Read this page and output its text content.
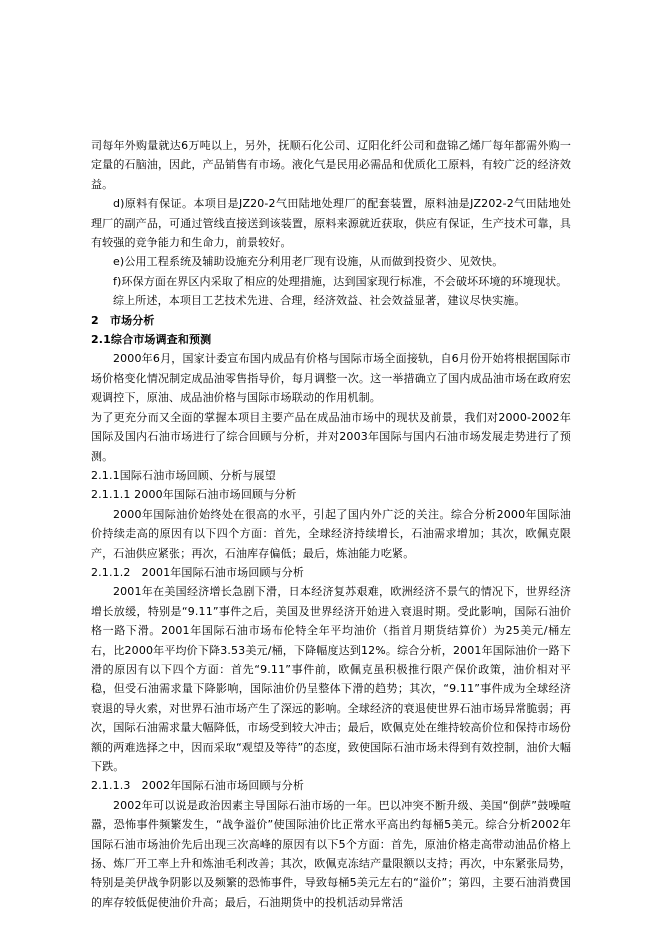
司每年外购量就达6万吨以上，另外，抚顺石化公司、辽阳化纤公司和盘锦乙烯厂每年都需外购一定量的石脑油，因此，产品销售有市场。液化气是民用必需品和优质化工原料，有较广泛的经济效益。

d)原料有保证。本项目是JZ20-2气田陆地处理厂的配套装置，原料油是JZ202-2气田陆地处理厂的副产品，可通过管线直接送到该装置，原料来源就近获取，供应有保证，生产技术可靠，具有较强的竞争能力和生命力，前景较好。

e)公用工程系统及辅助设施充分利用老厂现有设施，从而做到投资少、见效快。

f)环保方面在界区内采取了相应的处理措施，达到国家现行标准，不会破坏环境的环境现状。

综上所述，本项目工艺技术先进、合理，经济效益、社会效益显著，建议尽快实施。

2　市场分析

2.1综合市场调查和预测

2000年6月，国家计委宣布国内成品有价格与国际市场全面接轨，自6月份开始将根据国际市场价格变化情况制定成品油零售指导价，每月调整一次。这一举措确立了国内成品油市场在政府宏观调控下，原油、成品油价格与国际市场联动的作用机制。

为了更充分而又全面的掌握本项目主要产品在成品油市场中的现状及前景，我们对2000-2002年国际及国内石油市场进行了综合回顾与分析，并对2003年国际与国内石油市场发展走势进行了预测。

2.1.1国际石油市场回顾、分析与展望

2.1.1.1 2000年国际石油市场回顾与分析

2000年国际油价始终处在很高的水平，引起了国内外广泛的关注。综合分析2000年国际油价持续走高的原因有以下四个方面：首先，全球经济持续增长，石油需求增加；其次，欧佩克限产，石油供应紧张；再次，石油库存偏低；最后，炼油能力吃紧。

2.1.1.2　2001年国际石油市场回顾与分析

2001年在美国经济增长急剧下滑，日本经济复苏艰难，欧洲经济不景气的情况下，世界经济增长放缓，特别是“9.11”事件之后，美国及世界经济开始进入衰退时期。受此影响，国际石油价格一路下滑。2001年国际石油市场布伦特全年平均油价（指首月期货结算价）为25美元/桶左右，比2000年平均价下降3.53美元/桶，下降幅度达到12%。综合分析，2001年国际油价一路下滑的原因有以下四个方面：首先“9.11”事件前，欧佩克虽积极推行限产保价政策，油价相对平稳，但受石油需求量下降影响，国际油价仍呈整体下滑的趋势；其次，“9.11”事件成为全球经济衰退的导火索，对世界石油市场产生了深远的影响。全球经济的衰退使世界石油市场异常脆弱；再次，国际石油需求量大幅降低，市场受到较大冲击；最后，欧佩克处在维持较高价位和保持市场份额的两难选择之中，因而采取“观望及等待”的态度，致使国际石油市场未得到有效控制，油价大幅下跌。

2.1.1.3　2002年国际石油市场回顾与分析

2002年可以说是政治因素主导国际石油市场的一年。巴以冲突不断升级、美国“倒萨”鼓噪喧嚣，恐怖事件频繁发生，“战争溢价”使国际油价比正常水平高出约每桶5美元。综合分析2002年国际石油市场油价先后出现三次高峰的原因有以下5个方面：首先，原油价格走高带动油品价格上扬、炼厂开工率上升和炼油毛利改善；其次，欧佩克冻结产量限额以支持；再次，中东紧张局势，特别是美伊战争阴影以及频繁的恐怖事件，导致每桶5美元左右的“溢价”；第四，主要石油消费国的库存较低促使油价升高；最后，石油期货中的投机活动异常活
